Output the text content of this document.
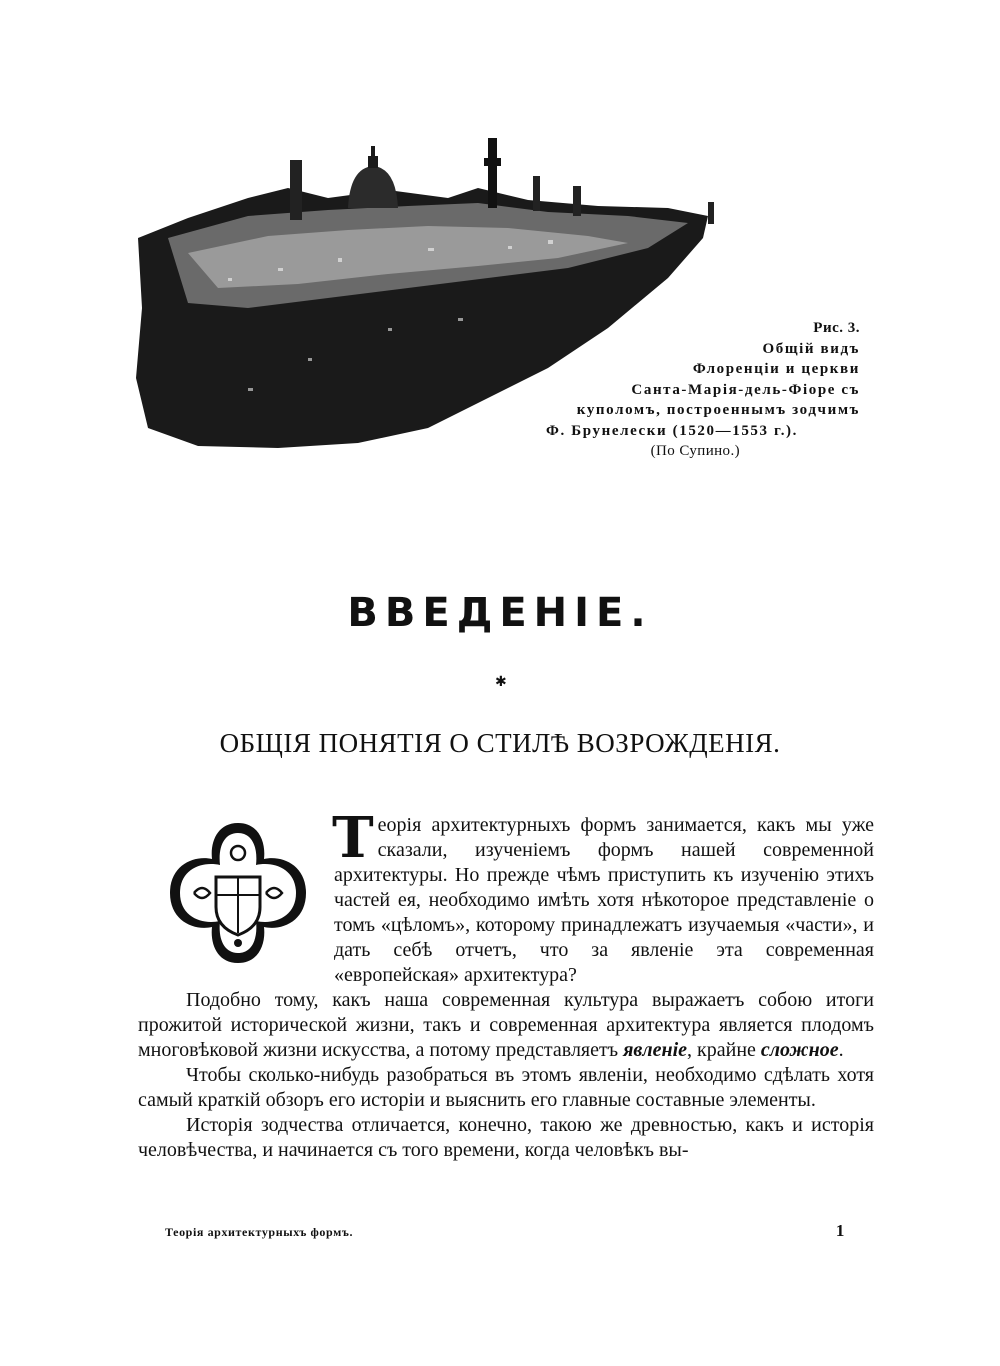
Рис. 3.
Общій видъ
Флоренціи и церкви
Санта-Марія-дель-Фіоре съ
куполомъ, построеннымъ зодчимъ
Ф. Брунелески (1520—1553 г.).
(По Супино.)
ВВЕДЕНІЕ.
✱
ОБЩІЯ ПОНЯТІЯ О СТИЛѢ ВОЗРОЖДЕНІЯ.

Теорія архитектурныхъ формъ занимается, какъ мы уже сказали, изученіемъ формъ нашей современной архитектуры. Но прежде чѣмъ приступить къ изученію этихъ частей ея, необходимо имѣть хотя нѣкоторое представленіе о томъ «цѣломъ», которому принадлежатъ изучаемыя «части», и дать себѣ отчетъ, что за явленіе эта современная «европейская» архитектура?

Подобно тому, какъ наша современная культура выражаетъ собою итоги прожитой исторической жизни, такъ и современная архитектура является плодомъ многовѣковой жизни искусства, а потому представляетъ явленіе, крайне сложное.

Чтобы сколько-нибудь разобраться въ этомъ явленіи, необходимо сдѣлать хотя самый краткій обзоръ его исторіи и выяснить его главные составные элементы.

Исторія зодчества отличается, конечно, такою же древностью, какъ и исторія человѣчества, и начинается съ того времени, когда человѣкъ вы-

Теорія архитектурныхъ формъ.	1
